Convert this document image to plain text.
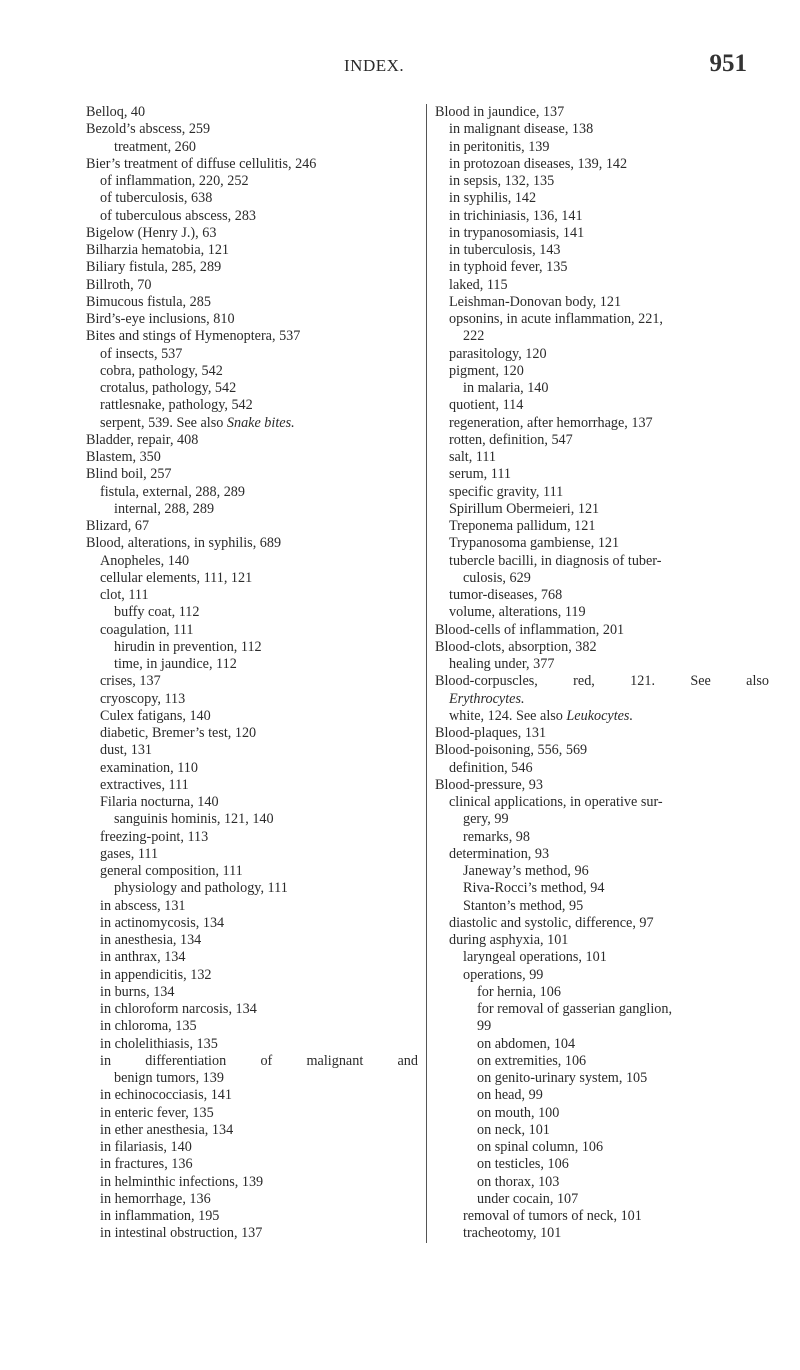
INDEX.	951
Belloq, 40
Bezold’s abscess, 259
treatment, 260
Bier’s treatment of diffuse cellulitis, 246
of inflammation, 220, 252
of tuberculosis, 638
of tuberculous abscess, 283
Bigelow (Henry J.), 63
Bilharzia hematobia, 121
Biliary fistula, 285, 289
Billroth, 70
Bimucous fistula, 285
Bird’s-eye inclusions, 810
Bites and stings of Hymenoptera, 537
of insects, 537
cobra, pathology, 542
crotalus, pathology, 542
rattlesnake, pathology, 542
serpent, 539. See also Snake bites.
Bladder, repair, 408
Blastem, 350
Blind boil, 257
fistula, external, 288, 289
internal, 288, 289
Blizard, 67
Blood, alterations, in syphilis, 689
Anopheles, 140
cellular elements, 111, 121
clot, 111
buffy coat, 112
coagulation, 111
hirudin in prevention, 112
time, in jaundice, 112
crises, 137
cryoscopy, 113
Culex fatigans, 140
diabetic, Bremer’s test, 120
dust, 131
examination, 110
extractives, 111
Filaria nocturna, 140
sanguinis hominis, 121, 140
freezing-point, 113
gases, 111
general composition, 111
physiology and pathology, 111
in abscess, 131
in actinomycosis, 134
in anesthesia, 134
in anthrax, 134
in appendicitis, 132
in burns, 134
in chloroform narcosis, 134
in chloroma, 135
in cholelithiasis, 135
in differentiation of malignant and
benign tumors, 139
in echinococciasis, 141
in enteric fever, 135
in ether anesthesia, 134
in filariasis, 140
in fractures, 136
in helminthic infections, 139
in hemorrhage, 136
in inflammation, 195
in intestinal obstruction, 137
Blood in jaundice, 137
in malignant disease, 138
in peritonitis, 139
in protozoan diseases, 139, 142
in sepsis, 132, 135
in syphilis, 142
in trichiniasis, 136, 141
in trypanosomiasis, 141
in tuberculosis, 143
in typhoid fever, 135
laked, 115
Leishman-Donovan body, 121
opsonins, in acute inflammation, 221,
222
parasitology, 120
pigment, 120
in malaria, 140
quotient, 114
regeneration, after hemorrhage, 137
rotten, definition, 547
salt, 111
serum, 111
specific gravity, 111
Spirillum Obermeieri, 121
Treponema pallidum, 121
Trypanosoma gambiense, 121
tubercle bacilli, in diagnosis of tuber-
culosis, 629
tumor-diseases, 768
volume, alterations, 119
Blood-cells of inflammation, 201
Blood-clots, absorption, 382
healing under, 377
Blood-corpuscles, red, 121. See also
Erythrocytes.
white, 124. See also Leukocytes.
Blood-plaques, 131
Blood-poisoning, 556, 569
definition, 546
Blood-pressure, 93
clinical applications, in operative sur-
gery, 99
remarks, 98
determination, 93
Janeway’s method, 96
Riva-Rocci’s method, 94
Stanton’s method, 95
diastolic and systolic, difference, 97
during asphyxia, 101
laryngeal operations, 101
operations, 99
for hernia, 106
for removal of gasserian ganglion,
99
on abdomen, 104
on extremities, 106
on genito-urinary system, 105
on head, 99
on mouth, 100
on neck, 101
on spinal column, 106
on testicles, 106
on thorax, 103
under cocain, 107
removal of tumors of neck, 101
tracheotomy, 101
